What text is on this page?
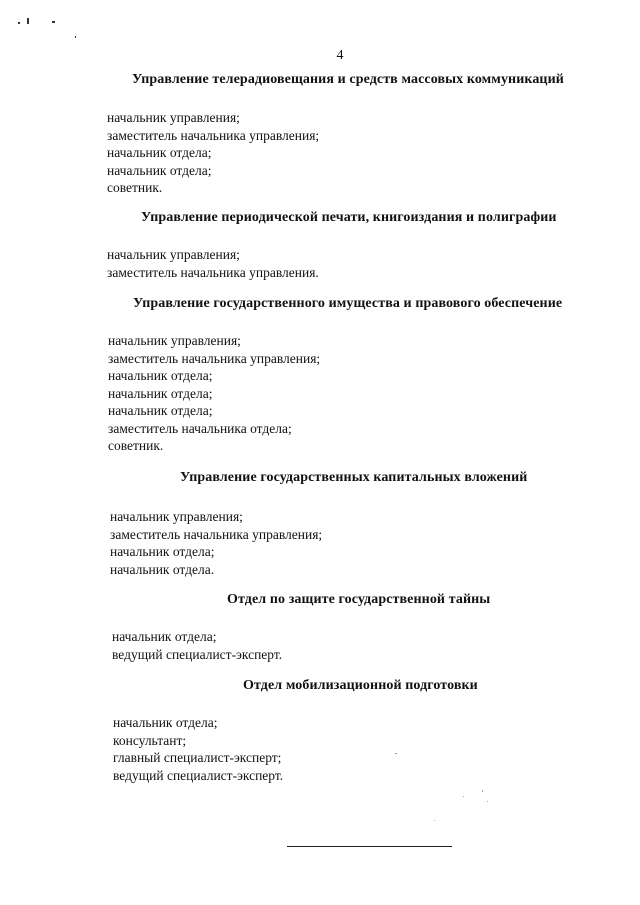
4
Управление телерадиовещания и средств массовых коммуникаций
начальник управления;
заместитель начальника управления;
начальник отдела;
начальник отдела;
советник.
Управление периодической печати, книгоиздания и полиграфии
начальник управления;
заместитель начальника управления.
Управление государственного имущества и правового обеспечение
начальник управления;
заместитель начальника управления;
начальник отдела;
начальник отдела;
начальник отдела;
заместитель начальника отдела;
советник.
Управление государственных капитальных вложений
начальник управления;
заместитель начальника управления;
начальник отдела;
начальник отдела.
Отдел по защите государственной тайны
начальник отдела;
ведущий специалист-эксперт.
Отдел мобилизационной подготовки
начальник отдела;
консультант;
главный специалист-эксперт;
ведущий специалист-эксперт.
